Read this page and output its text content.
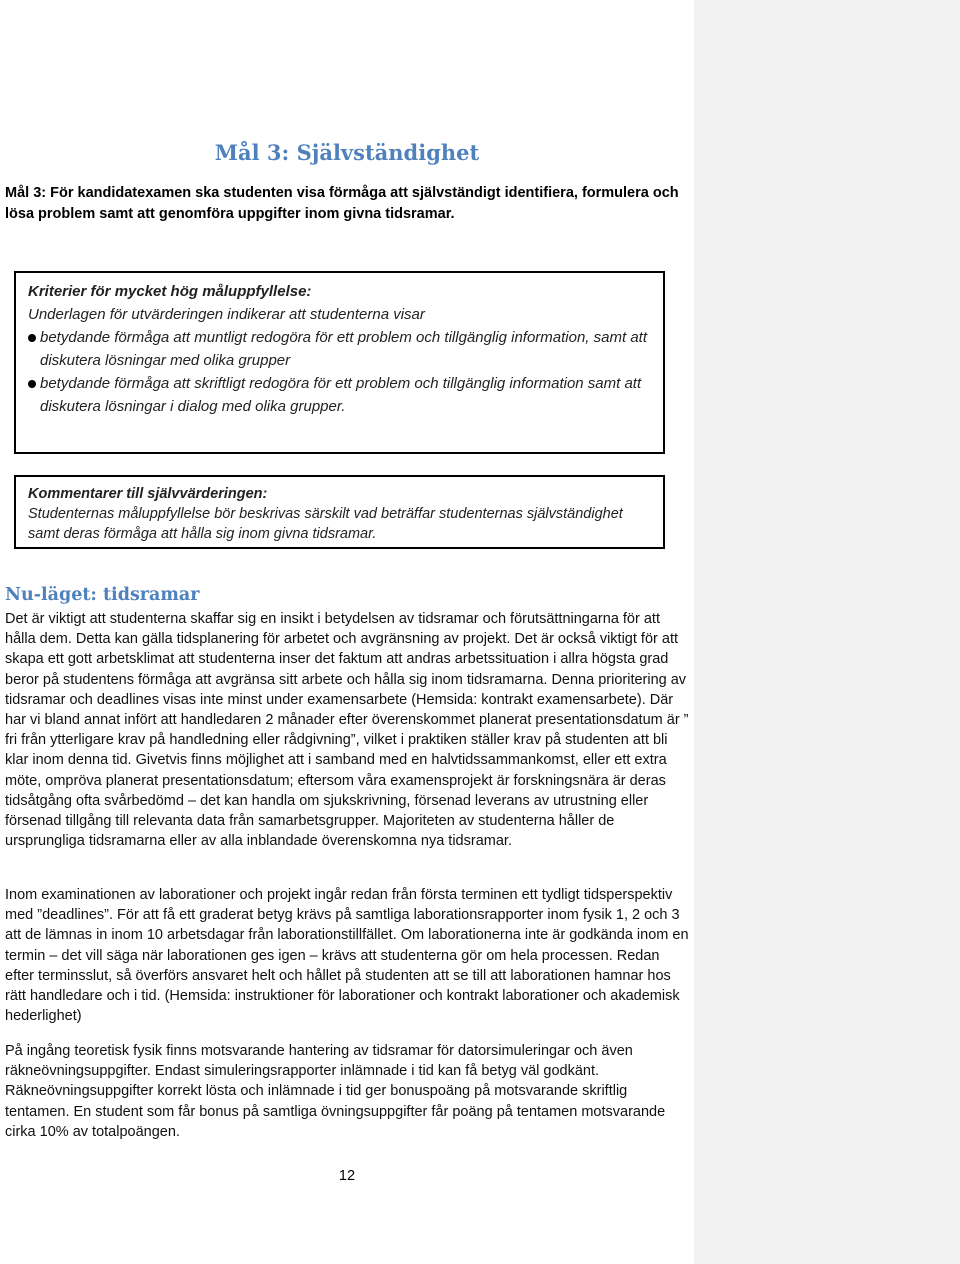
Mål 3: Självständighet
Mål 3: För kandidatexamen ska studenten visa förmåga att självständigt identifiera, formulera och lösa problem samt att genomföra uppgifter inom givna tidsramar.
Kriterier för mycket hög måluppfyllelse:
Underlagen för utvärderingen indikerar att studenterna visar
betydande förmåga att muntligt redogöra för ett problem och tillgänglig information, samt att diskutera lösningar med olika grupper
betydande förmåga att skriftligt redogöra för ett problem och tillgänglig information samt att diskutera lösningar i dialog med olika grupper.
Kommentarer till självvärderingen:
Studenternas måluppfyllelse bör beskrivas särskilt vad beträffar studenternas självständighet samt deras förmåga att hålla sig inom givna tidsramar.
Nu-läget: tidsramar
Det är viktigt att studenterna skaffar sig en insikt i betydelsen av tidsramar och förutsättningarna för att hålla dem. Detta kan gälla tidsplanering för arbetet och avgränsning av projekt. Det är också viktigt för att skapa ett gott arbetsklimat att studenterna inser det faktum att andras arbetssituation i allra högsta grad beror på studentens förmåga att avgränsa sitt arbete och hålla sig inom tidsramarna. Denna prioritering av tidsramar och deadlines visas inte minst under examensarbete (Hemsida: kontrakt examensarbete). Där har vi bland annat infört att handledaren 2 månader efter överenskommet planerat presentationsdatum är ” fri från ytterligare krav på handledning eller rådgivning”, vilket i praktiken ställer krav på studenten att bli klar inom denna tid. Givetvis finns möjlighet att i samband med en halvtidssammankomst, eller ett extra möte, ompröva planerat presentationsdatum; eftersom våra examensprojekt är forskningsnära är deras tidsåtgång ofta svårbedömd – det kan handla om sjukskrivning, försenad leverans av utrustning eller försenad tillgång till relevanta data från samarbetsgrupper. Majoriteten av studenterna håller de ursprungliga tidsramarna eller av alla inblandade överenskomna nya tidsramar.
Inom examinationen av laborationer och projekt ingår redan från första terminen ett tydligt tidsperspektiv med ”deadlines”. För att få ett graderat betyg krävs på samtliga laborationsrapporter inom fysik 1, 2 och 3 att de lämnas in inom 10 arbetsdagar från laborationstillfället. Om laborationerna inte är godkända inom en termin – det vill säga när laborationen ges igen – krävs att studenterna gör om hela processen. Redan efter terminsslut, så överförs ansvaret helt och hållet på studenten att se till att laborationen hamnar hos rätt handledare och i tid. (Hemsida: instruktioner för laborationer och kontrakt laborationer och akademisk hederlighet)
På ingång teoretisk fysik finns motsvarande hantering av tidsramar för datorsimuleringar och även räkneövningsuppgifter. Endast simuleringsrapporter inlämnade i tid kan få betyg väl godkänt. Räkneövningsuppgifter korrekt lösta och inlämnade i tid ger bonuspoäng på motsvarande skriftlig tentamen. En student som får bonus på samtliga övningsuppgifter får poäng på tentamen motsvarande cirka 10% av totalpoängen.
12
